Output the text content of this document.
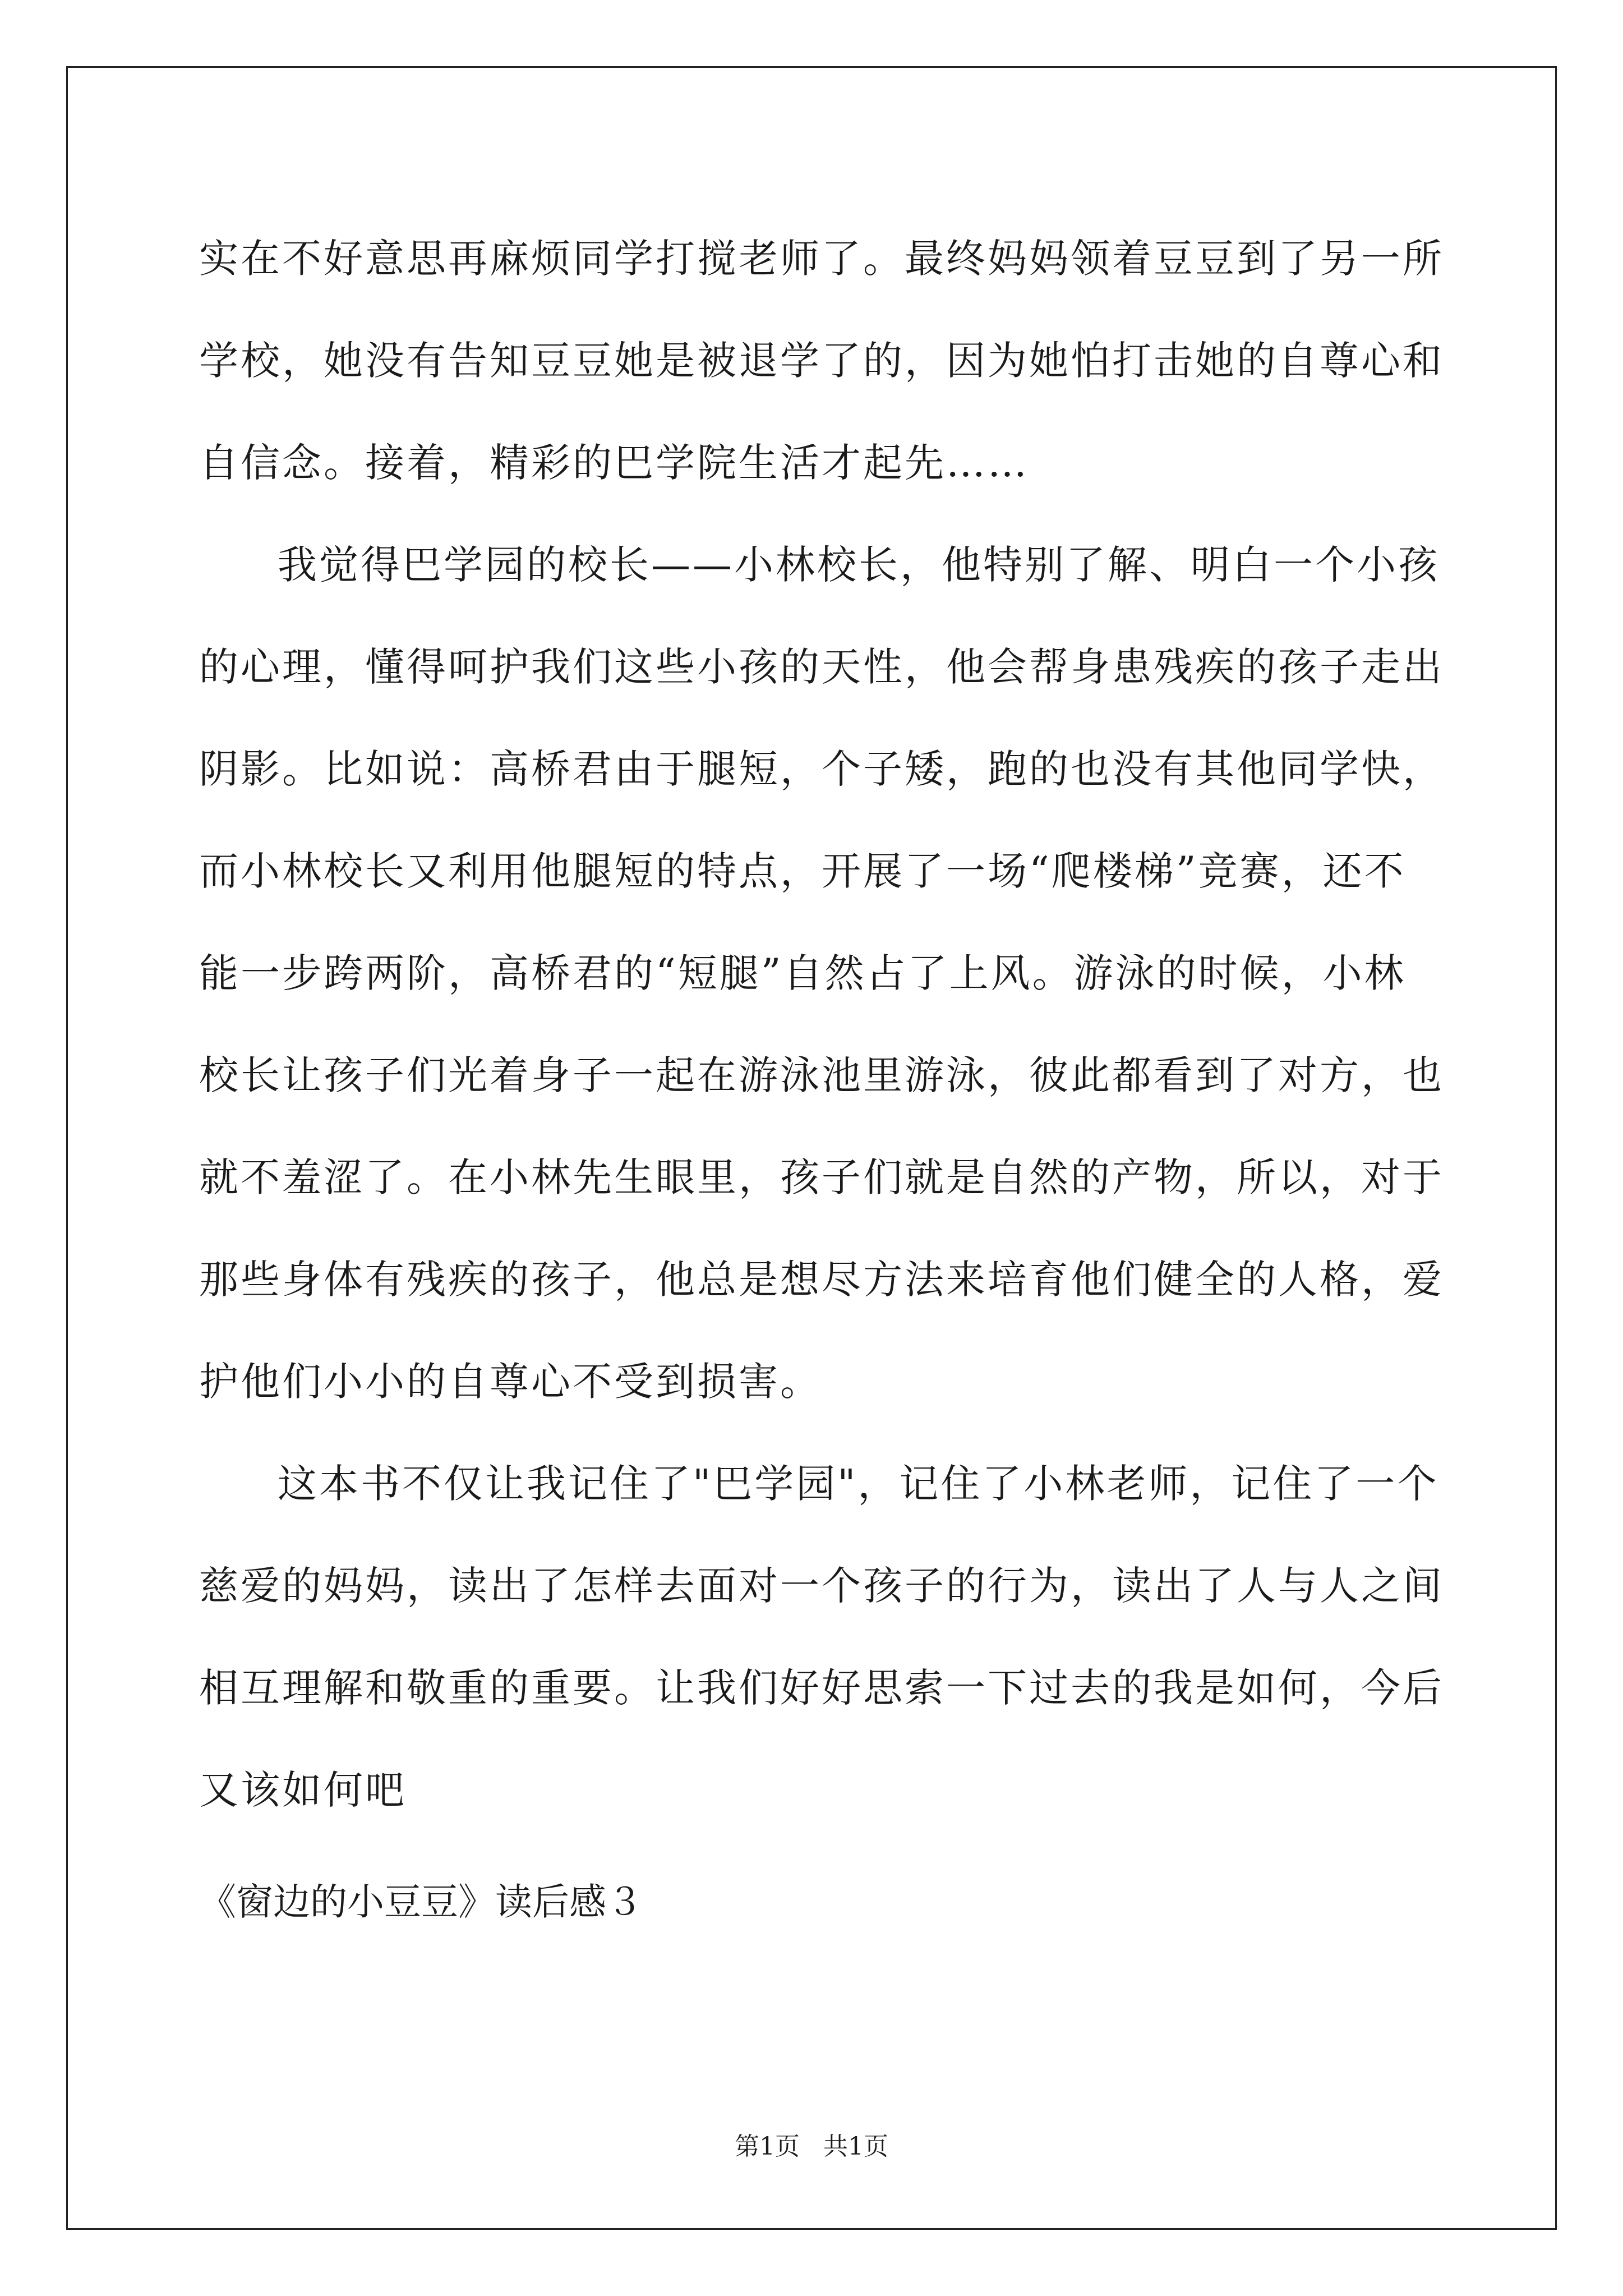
实在不好意思再麻烦同学打搅老师了。最终妈妈领着豆豆到了另一所
学校，她没有告知豆豆她是被退学了的，因为她怕打击她的自尊心和
自信念。接着，精彩的巴学院生活才起先……
我觉得巴学园的校长——小林校长，他特别了解、明白一个小孩
的心理，懂得呵护我们这些小孩的天性，他会帮身患残疾的孩子走出
阴影。比如说：高桥君由于腿短，个子矮，跑的也没有其他同学快，
而小林校长又利用他腿短的特点，开展了一场“爬楼梯”竞赛，还不
能一步跨两阶，高桥君的“短腿”自然占了上风。游泳的时候，小林
校长让孩子们光着身子一起在游泳池里游泳，彼此都看到了对方，也
就不羞涩了。在小林先生眼里，孩子们就是自然的产物，所以，对于
那些身体有残疾的孩子，他总是想尽方法来培育他们健全的人格，爱
护他们小小的自尊心不受到损害。
这本书不仅让我记住了"巴学园"，记住了小林老师，记住了一个
慈爱的妈妈，读出了怎样去面对一个孩子的行为，读出了人与人之间
相互理解和敬重的重要。让我们好好思索一下过去的我是如何，今后
又该如何吧
《窗边的小豆豆》读后感３
第1页   共1页
